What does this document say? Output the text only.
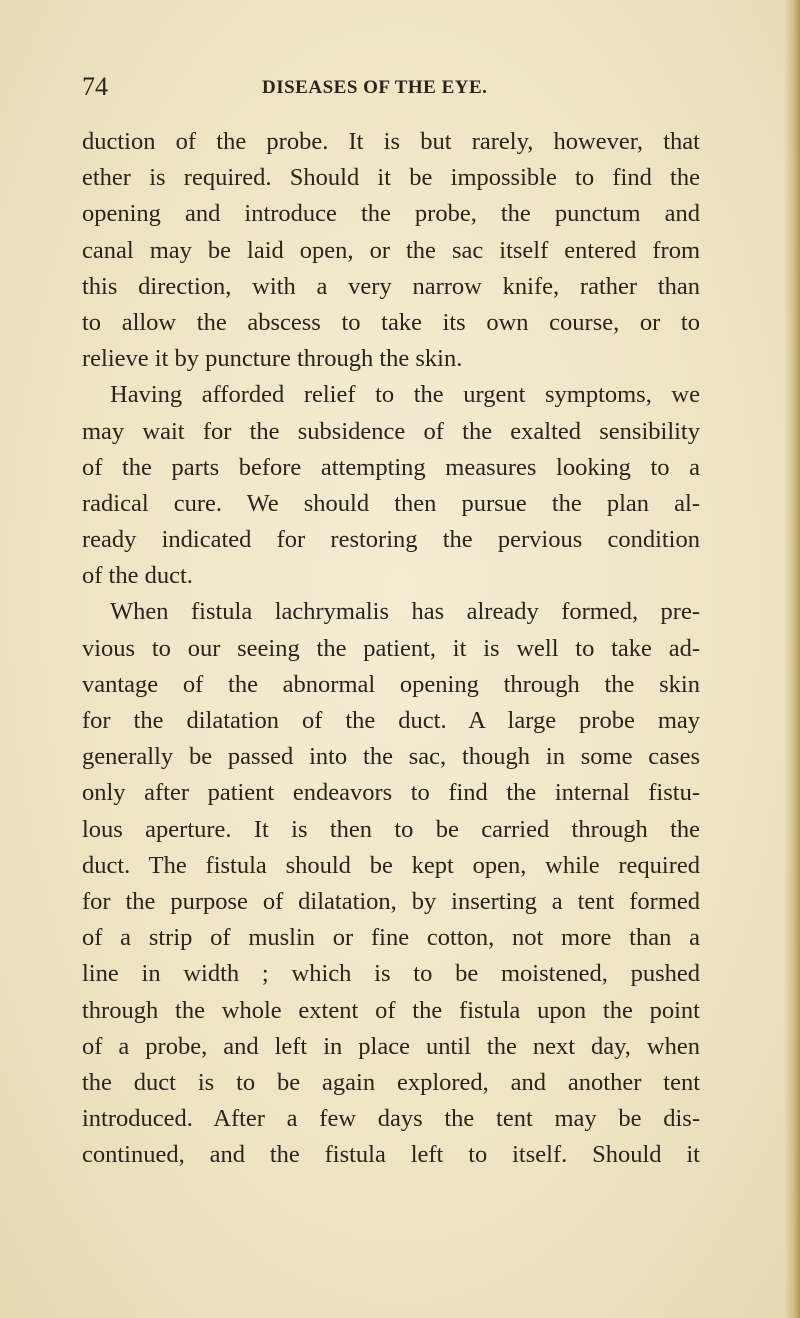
74	DISEASES OF THE EYE.
duction of the probe. It is but rarely, however, that
ether is required. Should it be impossible to find the
opening and introduce the probe, the punctum and
canal may be laid open, or the sac itself entered from
this direction, with a very narrow knife, rather than
to allow the abscess to take its own course, or to
relieve it by puncture through the skin.
Having afforded relief to the urgent symptoms, we
may wait for the subsidence of the exalted sensibility
of the parts before attempting measures looking to a
radical cure. We should then pursue the plan al-
ready indicated for restoring the pervious condition
of the duct.
When fistula lachrymalis has already formed, pre-
vious to our seeing the patient, it is well to take ad-
vantage of the abnormal opening through the skin
for the dilatation of the duct. A large probe may
generally be passed into the sac, though in some cases
only after patient endeavors to find the internal fistu-
lous aperture. It is then to be carried through the
duct. The fistula should be kept open, while required
for the purpose of dilatation, by inserting a tent formed
of a strip of muslin or fine cotton, not more than a
line in width ; which is to be moistened, pushed
through the whole extent of the fistula upon the point
of a probe, and left in place until the next day, when
the duct is to be again explored, and another tent
introduced. After a few days the tent may be dis-
continued, and the fistula left to itself. Should it
